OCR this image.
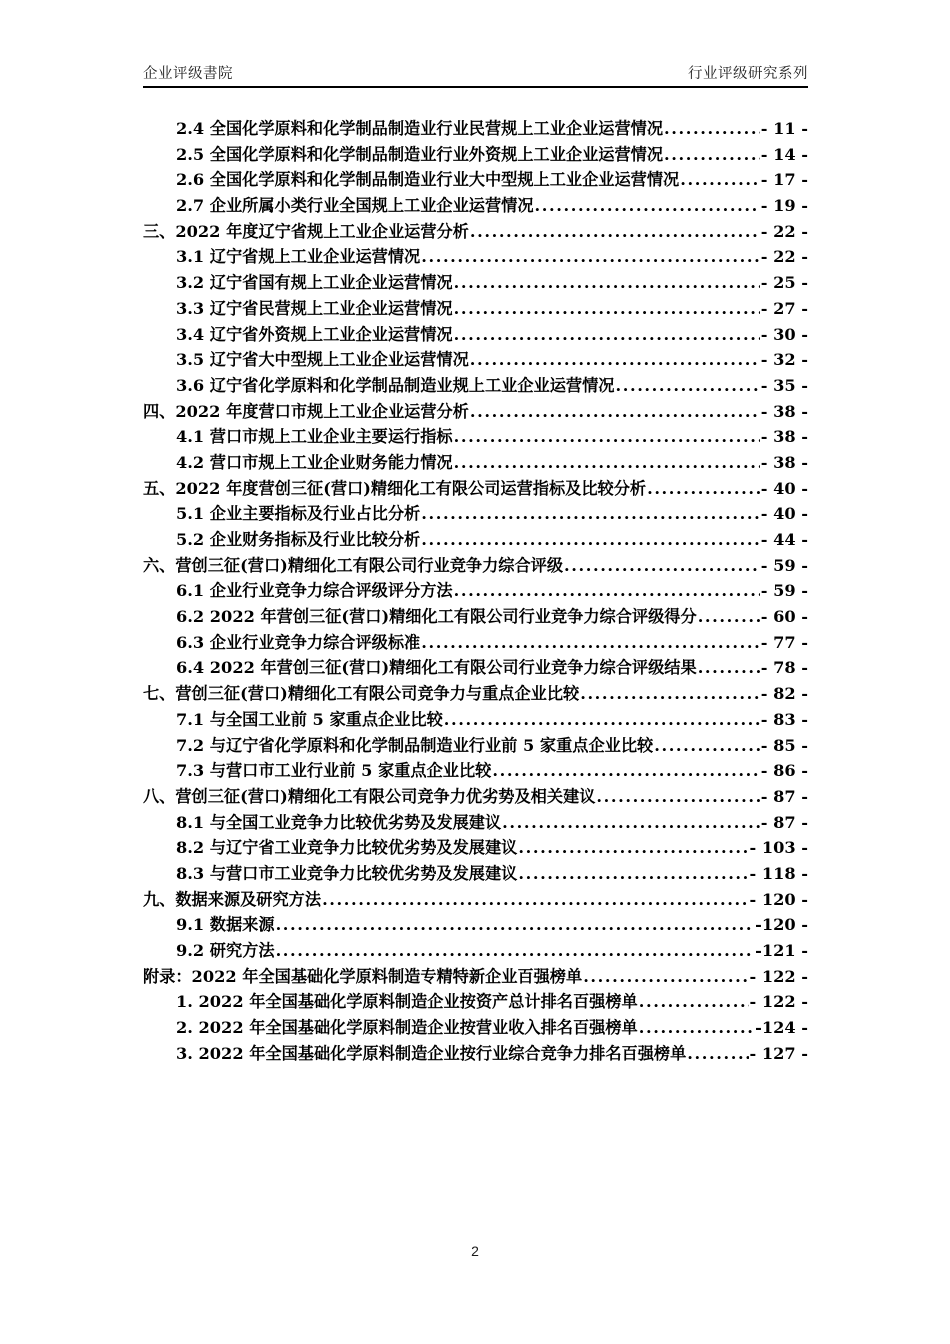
企业评级書院	行业评级研究系列
2.4 全国化学原料和化学制品制造业行业民营规上工业企业运营情况 .....	- 11 -
2.5 全国化学原料和化学制品制造业行业外资规上工业企业运营情况 .....	- 14 -
2.6 全国化学原料和化学制品制造业行业大中型规上工业企业运营情况 .....	- 17 -
2.7 企业所属小类行业全国规上工业企业运营情况 .....	- 19 -
三、2022 年度辽宁省规上工业企业运营分析 .....	- 22 -
3.1 辽宁省规上工业企业运营情况 .....	- 22 -
3.2 辽宁省国有规上工业企业运营情况 .....	- 25 -
3.3 辽宁省民营规上工业企业运营情况 .....	- 27 -
3.4 辽宁省外资规上工业企业运营情况 .....	- 30 -
3.5 辽宁省大中型规上工业企业运营情况 .....	- 32 -
3.6 辽宁省化学原料和化学制品制造业规上工业企业运营情况 .....	- 35 -
四、2022 年度营口市规上工业企业运营分析 .....	- 38 -
4.1 营口市规上工业企业主要运行指标 .....	- 38 -
4.2 营口市规上工业企业财务能力情况 .....	- 38 -
五、2022 年度营创三征(营口)精细化工有限公司运营指标及比较分析 .....	- 40 -
5.1 企业主要指标及行业占比分析 .....	- 40 -
5.2 企业财务指标及行业比较分析 .....	- 44 -
六、营创三征(营口)精细化工有限公司行业竞争力综合评级 .....	- 59 -
6.1 企业行业竞争力综合评级评分方法 .....	- 59 -
6.2 2022 年营创三征(营口)精细化工有限公司行业竞争力综合评级得分 .....	- 60 -
6.3 企业行业竞争力综合评级标准 .....	- 77 -
6.4 2022 年营创三征(营口)精细化工有限公司行业竞争力综合评级结果 .....	- 78 -
七、营创三征(营口)精细化工有限公司竞争力与重点企业比较 .....	- 82 -
7.1 与全国工业前 5 家重点企业比较 .....	- 83 -
7.2 与辽宁省化学原料和化学制品制造业行业前 5 家重点企业比较 .....	- 85 -
7.3 与营口市工业行业前 5 家重点企业比较 .....	- 86 -
八、营创三征(营口)精细化工有限公司竞争力优劣势及相关建议 .....	- 87 -
8.1 与全国工业竞争力比较优劣势及发展建议 .....	- 87 -
8.2 与辽宁省工业竞争力比较优劣势及发展建议 .....	- 103 -
8.3 与营口市工业竞争力比较优劣势及发展建议 .....	- 118 -
九、数据来源及研究方法 .....	- 120 -
9.1 数据来源 .....	-120 -
9.2 研究方法 .....	-121 -
附录：2022 年全国基础化学原料制造专精特新企业百强榜单 .....	- 122 -
1. 2022 年全国基础化学原料制造企业按资产总计排名百强榜单 .....	- 122 -
2. 2022 年全国基础化学原料制造企业按营业收入排名百强榜单 .....	-124 -
3. 2022 年全国基础化学原料制造企业按行业综合竞争力排名百强榜单 .....	- 127 -
2
